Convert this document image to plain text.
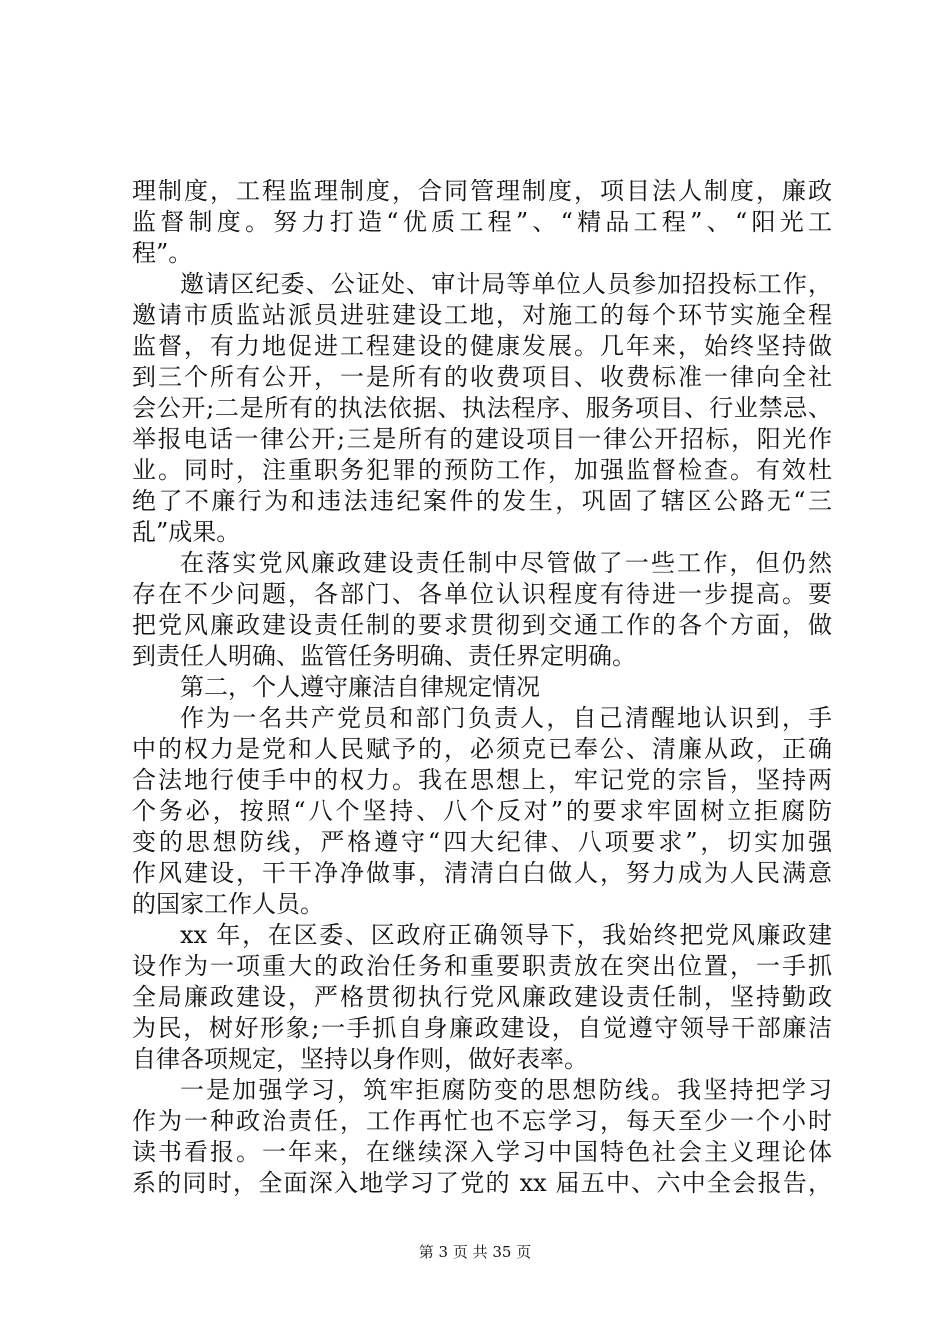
理制度，工程监理制度，合同管理制度，项目法人制度，廉政
监督制度。努力打造“优质工程”、“精品工程”、“阳光工
程”。
邀请区纪委、公证处、审计局等单位人员参加招投标工作，
邀请市质监站派员进驻建设工地，对施工的每个环节实施全程
监督，有力地促进工程建设的健康发展。几年来，始终坚持做
到三个所有公开，一是所有的收费项目、收费标准一律向全社
会公开;二是所有的执法依据、执法程序、服务项目、行业禁忌、
举报电话一律公开;三是所有的建设项目一律公开招标，阳光作
业。同时，注重职务犯罪的预防工作，加强监督检查。有效杜
绝了不廉行为和违法违纪案件的发生，巩固了辖区公路无“三
乱”成果。
在落实党风廉政建设责任制中尽管做了一些工作，但仍然
存在不少问题，各部门、各单位认识程度有待进一步提高。要
把党风廉政建设责任制的要求贯彻到交通工作的各个方面，做
到责任人明确、监管任务明确、责任界定明确。
第二，个人遵守廉洁自律规定情况
作为一名共产党员和部门负责人，自己清醒地认识到，手
中的权力是党和人民赋予的，必须克已奉公、清廉从政，正确
合法地行使手中的权力。我在思想上，牢记党的宗旨，坚持两
个务必，按照“八个坚持、八个反对”的要求牢固树立拒腐防
变的思想防线，严格遵守“四大纪律、八项要求”，切实加强
作风建设，干干净净做事，清清白白做人，努力成为人民满意
的国家工作人员。
xx 年，在区委、区政府正确领导下，我始终把党风廉政建
设作为一项重大的政治任务和重要职责放在突出位置，一手抓
全局廉政建设，严格贯彻执行党风廉政建设责任制，坚持勤政
为民，树好形象;一手抓自身廉政建设，自觉遵守领导干部廉洁
自律各项规定，坚持以身作则，做好表率。
一是加强学习，筑牢拒腐防变的思想防线。我坚持把学习
作为一种政治责任，工作再忙也不忘学习，每天至少一个小时
读书看报。一年来，在继续深入学习中国特色社会主义理论体
系的同时，全面深入地学习了党的 xx 届五中、六中全会报告，
第 3 页 共 35 页
